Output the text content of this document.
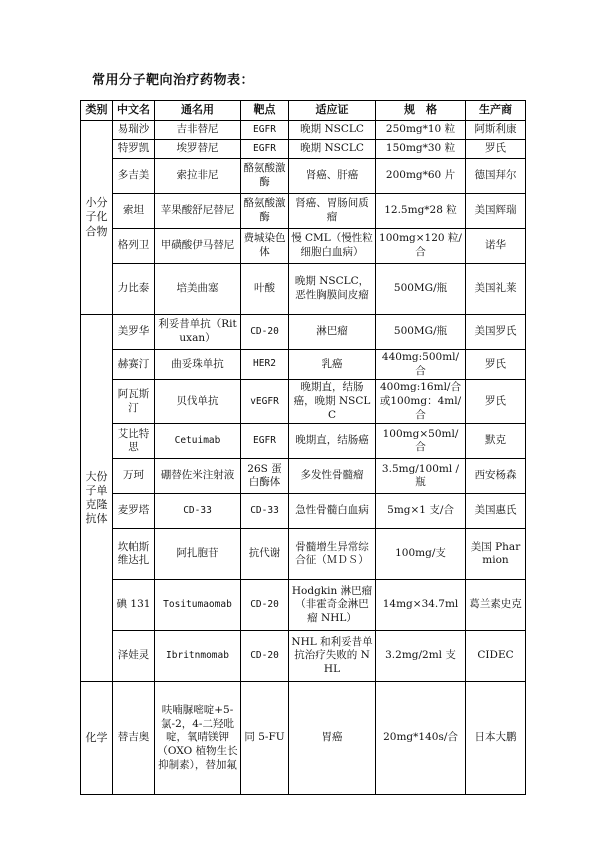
常用分子靶向治疗药物表：
类别	中文名	通名用	靶点	适应证	规　格	生产商
小分子化合物	易瑞沙	吉非替尼	EGFR	晚期 NSCLC	250mg*10 粒	阿斯利康
	特罗凯	埃罗替尼	EGFR	晚期 NSCLC	150mg*30 粒	罗氏
	多吉美	索拉非尼	酪氨酸激酶	肾癌、肝癌	200mg*60 片	德国拜尔
	索坦	苹果酸舒尼替尼	酪氨酸激酶	肾癌、胃肠间质瘤	12.5mg*28 粒	美国辉瑞
	格列卫	甲磺酸伊马替尼	费城染色体	慢 CML（慢性粒细胞白血病）	100mg×120 粒/合	诺华
	力比泰	培美曲塞	叶酸	晚期 NSCLC，恶性胸膜间皮瘤	500MG/瓶	美国礼莱
大份子单克隆抗体	美罗华	利妥昔单抗（Rituxan）	CD-20	淋巴瘤	500MG/瓶	美国罗氏
	赫赛汀	曲妥珠单抗	HER2	乳癌	440mg:500ml/合	罗氏
	阿瓦斯汀	贝伐单抗	vEGFR	晚期直，结肠癌，晚期 NSCLC	400mg:16ml/合或100mg：4ml/合	罗氏
	艾比特思	Cetuimab	EGFR	晚期直，结肠癌	100mg×50ml/合	默克
	万珂	硼替佐米注射液	26S 蛋白酶体	多发性骨髓瘤	3.5mg/100ml /瓶	西安杨森
	麦罗塔	CD-33	CD-33	急性骨髓白血病	5mg×1 支/合	美国惠氏
	坎帕斯维达扎	阿扎胞苷	抗代谢	骨髓增生异常综合征（ＭＤＳ）	100mg/支	美国 Pharmion
	碘 131	Tositumaomab	CD-20	Hodgkin 淋巴瘤（非霍奇金淋巴瘤 NHL）	14mg×34.7ml	葛兰素史克
	泽娃灵	Ibritnmomab	CD-20	NHL 和利妥昔单抗治疗失败的 NHL	3.2mg/2ml 支	CIDEC
化学	替吉奥	呋喃脲嘧啶+5-氯-2，4-二羟吡啶，氧晴镁钾（OXO 植物生长抑制素），替加氟	同 5-FU	胃癌	20mg*140s/合	日本大鹏
